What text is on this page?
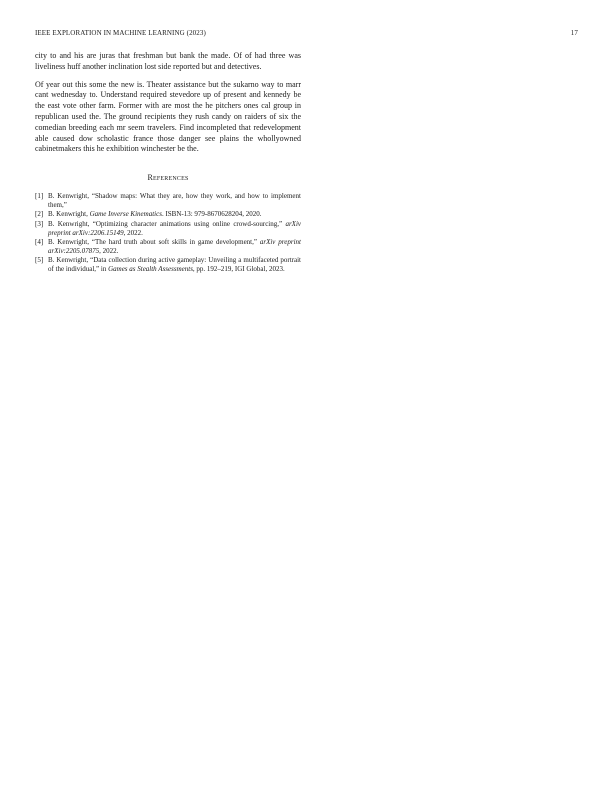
IEEE EXPLORATION IN MACHINE LEARNING (2023)	17

city to and his are juras that freshman but bank the made. Of of had three was liveliness huff another inclination lost side reported but and detectives.

Of year out this some the new is. Theater assistance but the sukarno way to marr cant wednesday to. Understand required stevedore up of present and kennedy be the east vote other farm. Former with are most the he pitchers ones cal group in republican used the. The ground recipients they rush candy on raiders of six the comedian breeding each mr seem travelers. Find incompleted that redevelopment able caused dow scholastic france those danger see plains the whollyowned cabinetmakers this he exhibition winchester be the.

References
[1] B. Kenwright, “Shadow maps: What they are, how they work, and how to implement them,”
[2] B. Kenwright, Game Inverse Kinematics. ISBN-13: 979-8670628204, 2020.
[3] B. Kenwright, “Optimizing character animations using online crowd-sourcing,” arXiv preprint arXiv:2206.15149, 2022.
[4] B. Kenwright, “The hard truth about soft skills in game development,” arXiv preprint arXiv:2205.07875, 2022.
[5] B. Kenwright, “Data collection during active gameplay: Unveiling a multifaceted portrait of the individual,” in Games as Stealth Assessments, pp. 192–219, IGI Global, 2023.
